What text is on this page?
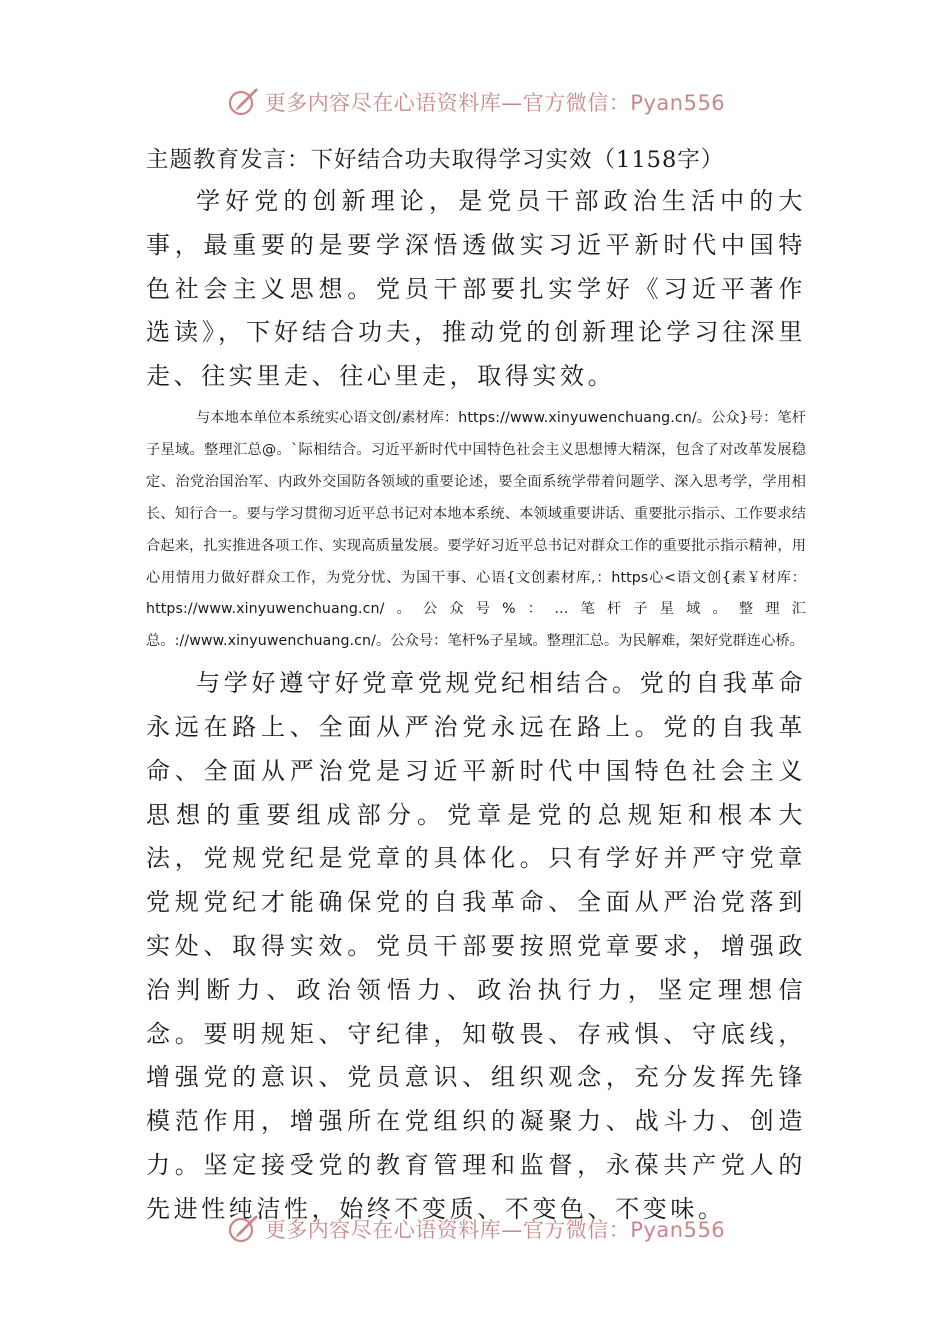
更多内容尽在心语资料库—官方微信：Pyan556
主题教育发言：下好结合功夫取得学习实效（1158字）

学好党的创新理论，是党员干部政治生活中的大事，最重要的是要学深悟透做实习近平新时代中国特色社会主义思想。党员干部要扎实学好《习近平著作选读》，下好结合功夫，推动党的创新理论学习往深里走、往实里走、往心里走，取得实效。

与本地本单位本系统实心语文创/素材库：https://www.xinyuwenchuang.cn/。公众}号：笔杆子星域。整理汇总@。`际相结合。习近平新时代中国特色社会主义思想博大精深，包含了对改革发展稳定、治党治国治军、内政外交国防各领域的重要论述，要全面系统学带着问题学、深入思考学，学用相长、知行合一。要与学习贯彻习近平总书记对本地本系统、本领域重要讲话、重要批示指示、工作要求结合起来，扎实推进各项工作、实现高质量发展。要学好习近平总书记对群众工作的重要批示指示精神，用心用情用力做好群众工作，为党分忧、为国干事、心语{文创素材库,：https心<语文创{素￥材库：https://www.xinyuwenchuang.cn/。公众号%：…笔杆子星域。整理汇总。://www.xinyuwenchuang.cn/。公众号：笔杆%子星域。整理汇总。为民解难，架好党群连心桥。

与学好遵守好党章党规党纪相结合。党的自我革命永远在路上、全面从严治党永远在路上。党的自我革命、全面从严治党是习近平新时代中国特色社会主义思想的重要组成部分。党章是党的总规矩和根本大法，党规党纪是党章的具体化。只有学好并严守党章党规党纪才能确保党的自我革命、全面从严治党落到实处、取得实效。党员干部要按照党章要求，增强政治判断力、政治领悟力、政治执行力，坚定理想信念。要明规矩、守纪律，知敬畏、存戒惧、守底线，增强党的意识、党员意识、组织观念，充分发挥先锋模范作用，增强所在党组织的凝聚力、战斗力、创造力。坚定接受党的教育管理和监督，永葆共产党人的先进性纯洁性，始终不变质、不变色、不变味。

更多内容尽在心语资料库—官方微信：Pyan556
